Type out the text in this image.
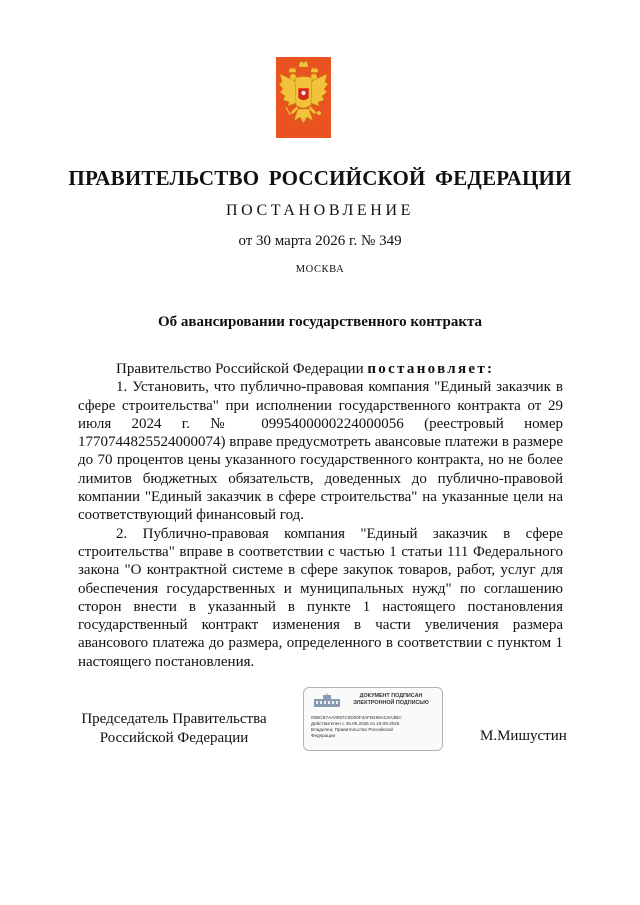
ПРАВИТЕЛЬСТВО РОССИЙСКОЙ ФЕДЕРАЦИИ
ПОСТАНОВЛЕНИЕ
от 30 марта 2026 г. № 349
МОСКВА
Об авансировании государственного контракта

Правительство Российской Федерации постановляет:

1. Установить, что публично-правовая компания "Единый заказчик в сфере строительства" при исполнении государственного контракта от 29 июля 2024 г. № 0995400000224000056 (реестровый номер 1770744825524000074) вправе предусмотреть авансовые платежи в размере до 70 процентов цены указанного государственного контракта, но не более лимитов бюджетных обязательств, доведенных до публично-правовой компании "Единый заказчик в сфере строительства" на указанные цели на соответствующий финансовый год.

2. Публично-правовая компания "Единый заказчик в сфере строительства" вправе в соответствии с частью 1 статьи 111 Федерального закона "О контрактной системе в сфере закупок товаров, работ, услуг для обеспечения государственных и муниципальных нужд" по соглашению сторон внести в указанный в пункте 1 настоящего постановления государственный контракт изменения в части увеличения размера авансового платежа до размера, определенного в соответствии с пунктом 1 настоящего постановления.

Председатель Правительства
Российской Федерации
ДОКУМЕНТ ПОДПИСАН
ЭЛЕКТРОННОЙ ПОДПИСЬЮ
00BCB7AA0097C0D00F4AFB499AC8A3BC
Действителен с 26.06.2025 по 19.09.2026
Владелец: Правительство Российской
Федерации	М.Мишустин
